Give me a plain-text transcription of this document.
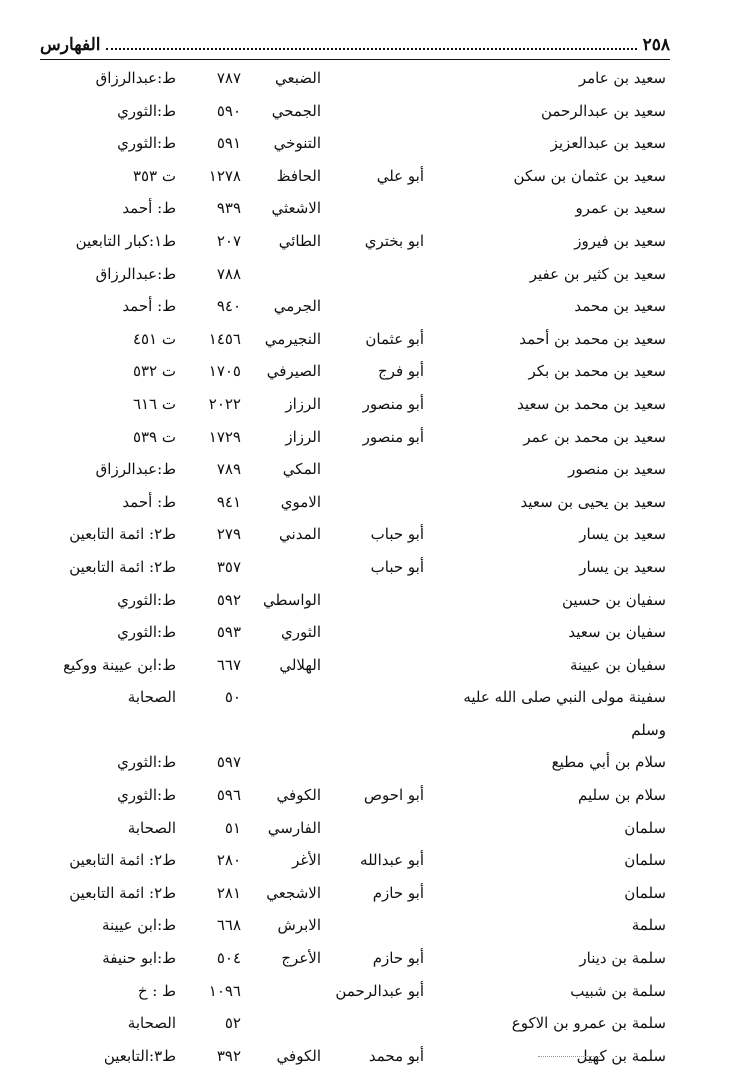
٢٥٨
الفهارس
سعيد بن عامر
الضبعي
٧٨٧
ط:عبدالرزاق
سعيد بن عبدالرحمن
الجمحي
٥٩٠
ط:الثوري
سعيد بن عبدالعزيز
التنوخي
٥٩١
ط:الثوري
سعيد بن عثمان بن سكن
أبو علي
الحافظ
١٢٧٨
ت ٣٥٣
سعيد بن عمرو
الاشعثي
٩٣٩
ط: أحمد
سعيد بن فيروز
ابو بختري
الطائي
٢٠٧
ط١:كبار التابعين
سعيد بن كثير بن عفير
٧٨٨
ط:عبدالرزاق
سعيد بن محمد
الجرمي
٩٤٠
ط: أحمد
سعيد بن محمد بن أحمد
أبو عثمان
النجيرمي
١٤٥٦
ت ٤٥١
سعيد بن محمد بن بكر
أبو فرج
الصيرفي
١٧٠٥
ت ٥٣٢
سعيد بن محمد بن سعيد
أبو منصور
الرزاز
٢٠٢٢
ت ٦١٦
سعيد بن محمد بن عمر
أبو منصور
الرزاز
١٧٢٩
ت ٥٣٩
سعيد بن منصور
المكي
٧٨٩
ط:عبدالرزاق
سعيد بن يحيى بن سعيد
الاموي
٩٤١
ط: أحمد
سعيد بن يسار
أبو حباب
المدني
٢٧٩
ط٢: ائمة التابعين
سعيد بن يسار
أبو حباب
٣٥٧
ط٢: ائمة التابعين
سفيان بن حسين
الواسطي
٥٩٢
ط:الثوري
سفيان بن سعيد
الثوري
٥٩٣
ط:الثوري
سفيان بن عيينة
الهلالي
٦٦٧
ط:ابن عيينة ووكيع
سفينة مولى النبي صلى الله عليه
٥٠
الصحابة
وسلم
سلام بن أبي مطيع
٥٩٧
ط:الثوري
سلام بن سليم
أبو احوص
الكوفي
٥٩٦
ط:الثوري
سلمان
الفارسي
٥١
الصحابة
سلمان
أبو عبدالله
الأغر
٢٨٠
ط٢: ائمة التابعين
سلمان
أبو حازم
الاشجعي
٢٨١
ط٢: ائمة التابعين
سلمة
الابرش
٦٦٨
ط:ابن عيينة
سلمة بن دينار
أبو حازم
الأعرج
٥٠٤
ط:ابو حنيفة
سلمة بن شبيب
أبو عبدالرحمن
١٠٩٦
ط : خ
سلمة بن عمرو بن الاكوع
٥٢
الصحابة
سلمة بن كهيل
أبو محمد
الكوفي
٣٩٢
ط٣:التابعين
